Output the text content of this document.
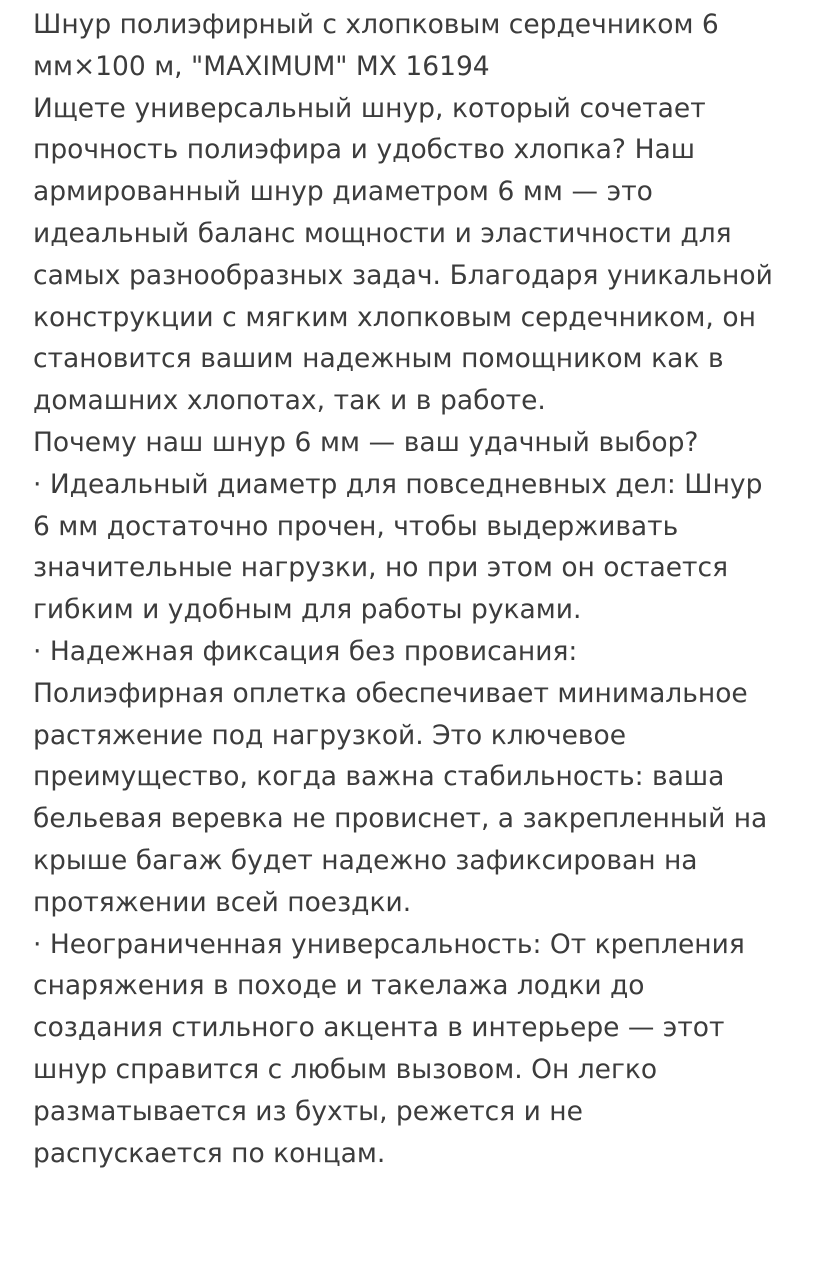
Шнур полиэфирный с хлопковым сердечником 6 мм×100 м, "MAXIMUM" MX 16194

Ищете универсальный шнур, который сочетает прочность полиэфира и удобство хлопка? Наш армированный шнур диаметром 6 мм — это идеальный баланс мощности и эластичности для самых разнообразных задач. Благодаря уникальной конструкции с мягким хлопковым сердечником, он становится вашим надежным помощником как в домашних хлопотах, так и в работе.

Почему наш шнур 6 мм — ваш удачный выбор?

· Идеальный диаметр для повседневных дел: Шнур 6 мм достаточно прочен, чтобы выдерживать значительные нагрузки, но при этом он остается гибким и удобным для работы руками.

· Надежная фиксация без провисания: Полиэфирная оплетка обеспечивает минимальное растяжение под нагрузкой. Это ключевое преимущество, когда важна стабильность: ваша бельевая веревка не провиснет, а закрепленный на крыше багаж будет надежно зафиксирован на протяжении всей поездки.

· Неограниченная универсальность: От крепления снаряжения в походе и такелажа лодки до создания стильного акцента в интерьере — этот шнур справится с любым вызовом. Он легко разматывается из бухты, режется и не распускается по концам.
